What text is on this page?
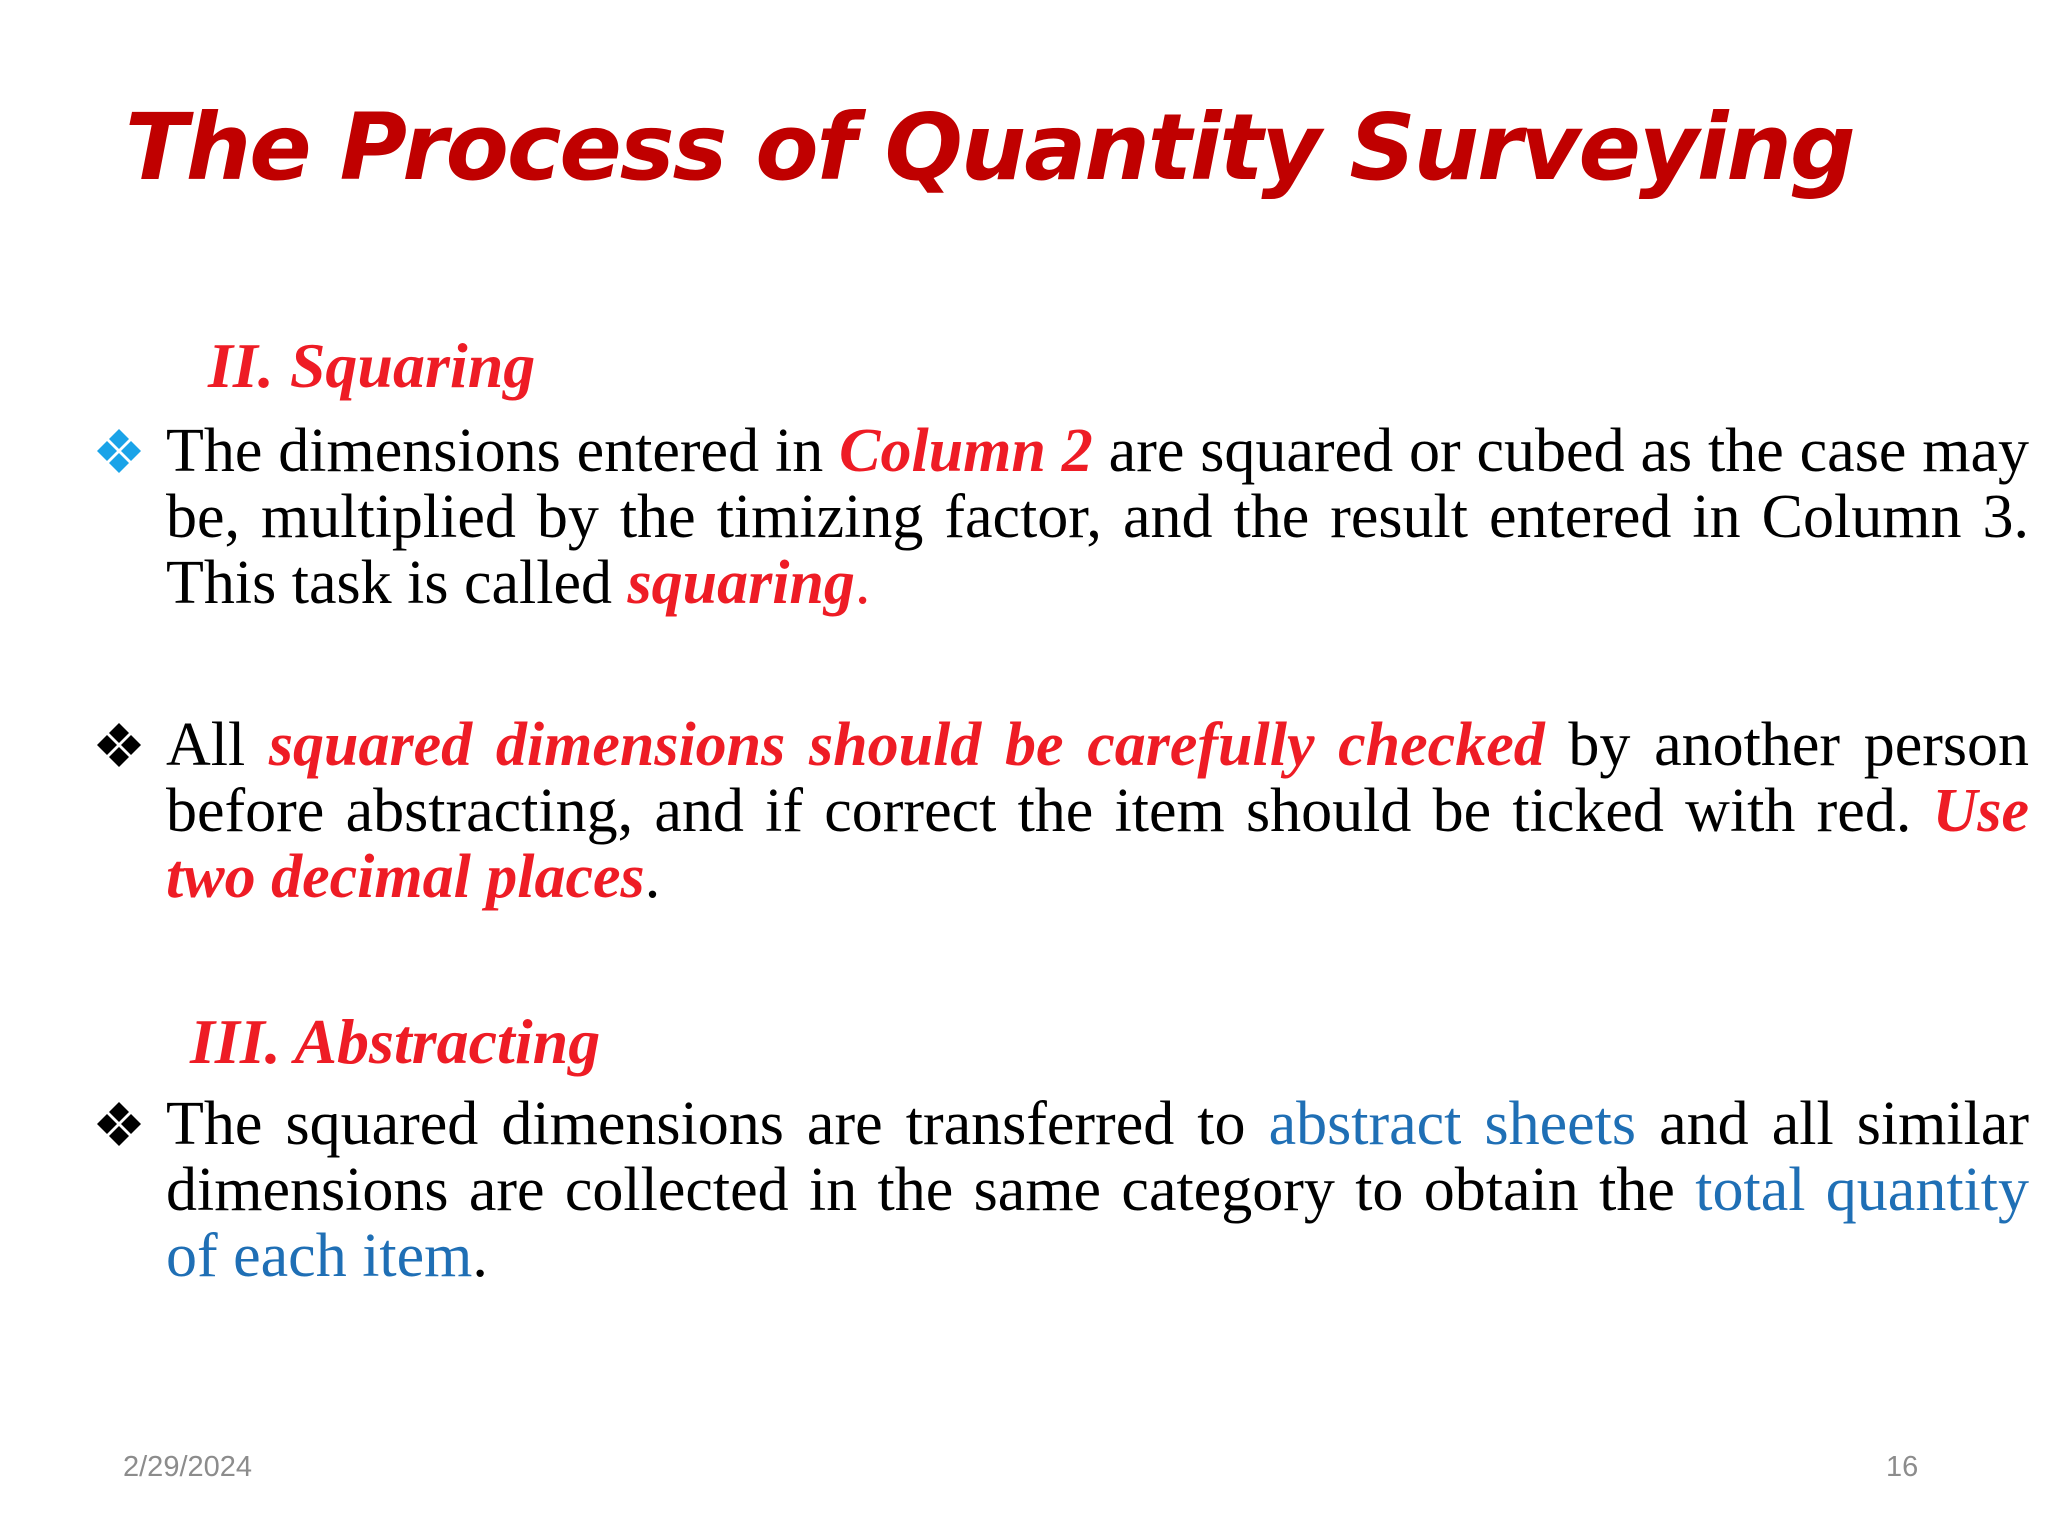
The Process of Quantity Surveying
II. Squaring

The dimensions entered in Column 2 are squared or cubed as the case may be, multiplied by the timizing factor, and the result entered in Column 3. This task is called squaring.

All squared dimensions should be carefully checked by another person before abstracting, and if correct the item should be ticked with red. Use two decimal places.

III. Abstracting

The squared dimensions are transferred to abstract sheets and all similar dimensions are collected in the same category to obtain the total quantity of each item.

2/29/2024	16
